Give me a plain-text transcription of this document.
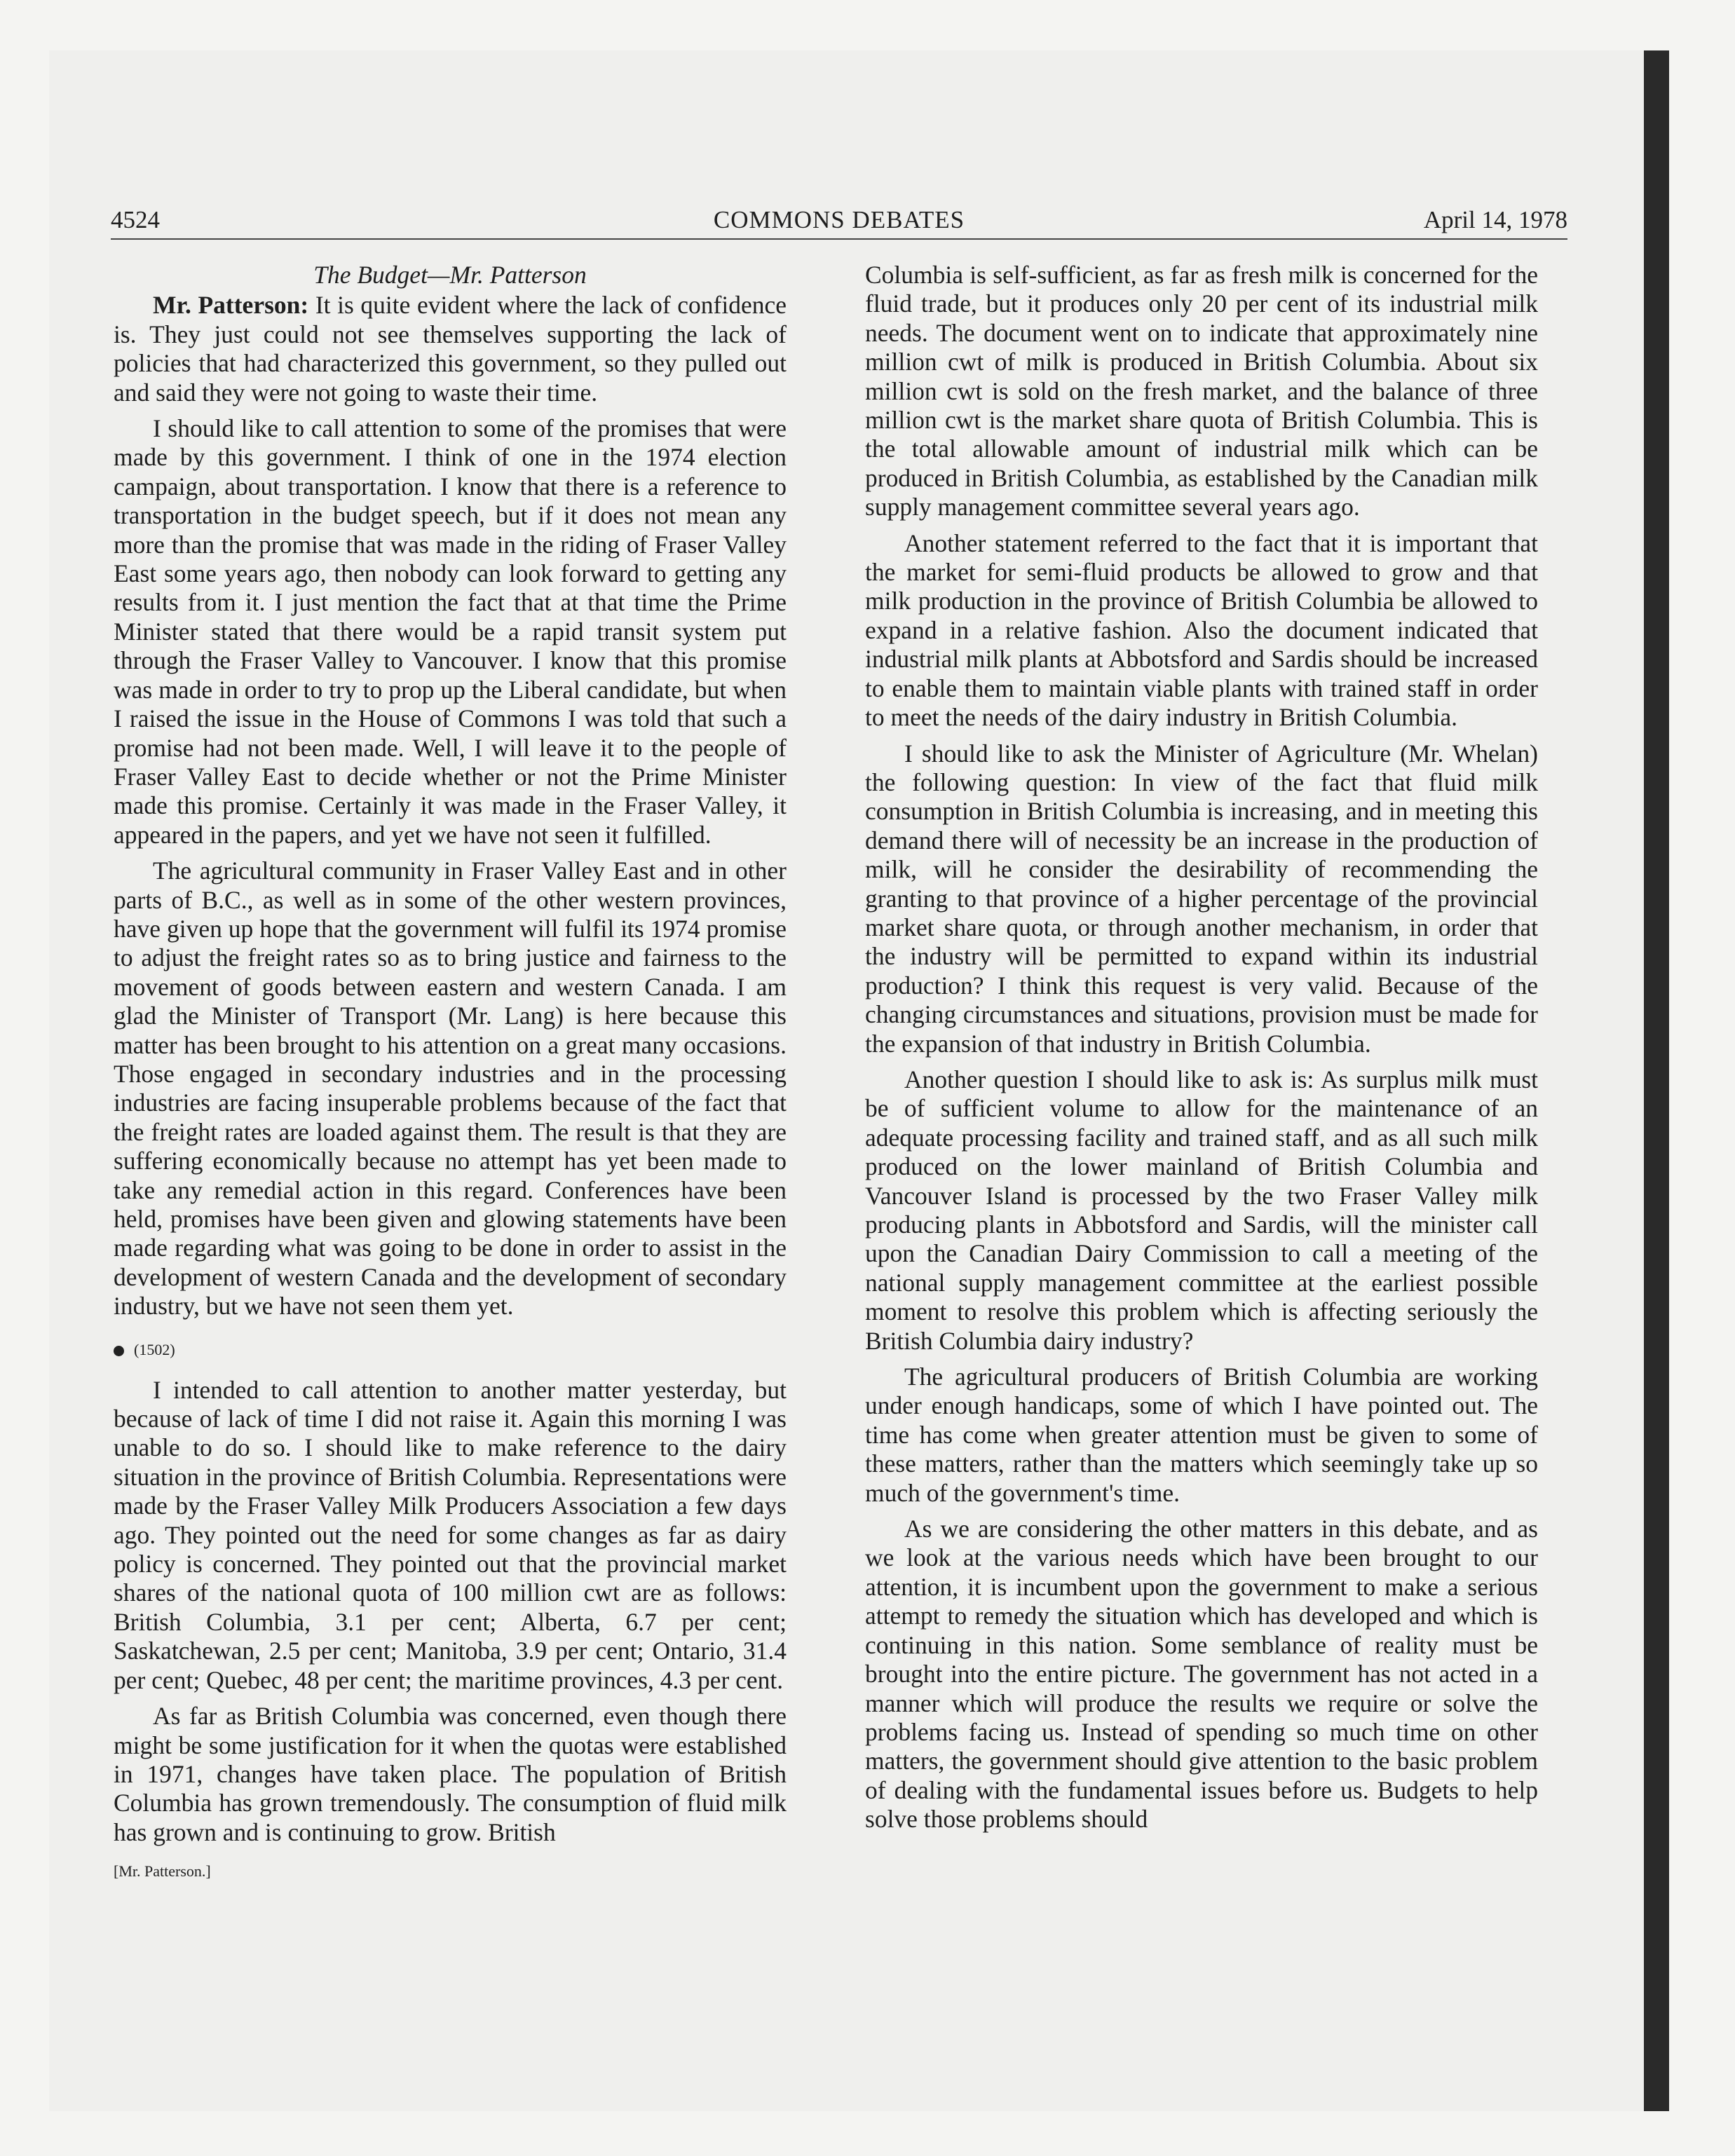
4524	COMMONS DEBATES	April 14, 1978
The Budget—Mr. Patterson

Mr. Patterson: It is quite evident where the lack of confidence is. They just could not see themselves supporting the lack of policies that had characterized this government, so they pulled out and said they were not going to waste their time.

I should like to call attention to some of the promises that were made by this government. I think of one in the 1974 election campaign, about transportation. I know that there is a reference to transportation in the budget speech, but if it does not mean any more than the promise that was made in the riding of Fraser Valley East some years ago, then nobody can look forward to getting any results from it. I just mention the fact that at that time the Prime Minister stated that there would be a rapid transit system put through the Fraser Valley to Vancouver. I know that this promise was made in order to try to prop up the Liberal candidate, but when I raised the issue in the House of Commons I was told that such a promise had not been made. Well, I will leave it to the people of Fraser Valley East to decide whether or not the Prime Minister made this promise. Certainly it was made in the Fraser Valley, it appeared in the papers, and yet we have not seen it fulfilled.

The agricultural community in Fraser Valley East and in other parts of B.C., as well as in some of the other western provinces, have given up hope that the government will fulfil its 1974 promise to adjust the freight rates so as to bring justice and fairness to the movement of goods between eastern and western Canada. I am glad the Minister of Transport (Mr. Lang) is here because this matter has been brought to his attention on a great many occasions. Those engaged in secondary industries and in the processing industries are facing insuperable problems because of the fact that the freight rates are loaded against them. The result is that they are suffering economically because no attempt has yet been made to take any remedial action in this regard. Conferences have been held, promises have been given and glowing statements have been made regarding what was going to be done in order to assist in the development of western Canada and the development of secondary industry, but we have not seen them yet.

(1502)

I intended to call attention to another matter yesterday, but because of lack of time I did not raise it. Again this morning I was unable to do so. I should like to make reference to the dairy situation in the province of British Columbia. Representations were made by the Fraser Valley Milk Producers Association a few days ago. They pointed out the need for some changes as far as dairy policy is concerned. They pointed out that the provincial market shares of the national quota of 100 million cwt are as follows: British Columbia, 3.1 per cent; Alberta, 6.7 per cent; Saskatchewan, 2.5 per cent; Manitoba, 3.9 per cent; Ontario, 31.4 per cent; Quebec, 48 per cent; the maritime provinces, 4.3 per cent.

As far as British Columbia was concerned, even though there might be some justification for it when the quotas were established in 1971, changes have taken place. The population of British Columbia has grown tremendously. The consumption of fluid milk has grown and is continuing to grow. British

[Mr. Patterson.]

Columbia is self-sufficient, as far as fresh milk is concerned for the fluid trade, but it produces only 20 per cent of its industrial milk needs. The document went on to indicate that approximately nine million cwt of milk is produced in British Columbia. About six million cwt is sold on the fresh market, and the balance of three million cwt is the market share quota of British Columbia. This is the total allowable amount of industrial milk which can be produced in British Columbia, as established by the Canadian milk supply management committee several years ago.

Another statement referred to the fact that it is important that the market for semi-fluid products be allowed to grow and that milk production in the province of British Columbia be allowed to expand in a relative fashion. Also the document indicated that industrial milk plants at Abbotsford and Sardis should be increased to enable them to maintain viable plants with trained staff in order to meet the needs of the dairy industry in British Columbia.

I should like to ask the Minister of Agriculture (Mr. Whelan) the following question: In view of the fact that fluid milk consumption in British Columbia is increasing, and in meeting this demand there will of necessity be an increase in the production of milk, will he consider the desirability of recommending the granting to that province of a higher percentage of the provincial market share quota, or through another mechanism, in order that the industry will be permitted to expand within its industrial production? I think this request is very valid. Because of the changing circumstances and situations, provision must be made for the expansion of that industry in British Columbia.

Another question I should like to ask is: As surplus milk must be of sufficient volume to allow for the maintenance of an adequate processing facility and trained staff, and as all such milk produced on the lower mainland of British Columbia and Vancouver Island is processed by the two Fraser Valley milk producing plants in Abbotsford and Sardis, will the minister call upon the Canadian Dairy Commission to call a meeting of the national supply management committee at the earliest possible moment to resolve this problem which is affecting seriously the British Columbia dairy industry?

The agricultural producers of British Columbia are working under enough handicaps, some of which I have pointed out. The time has come when greater attention must be given to some of these matters, rather than the matters which seemingly take up so much of the government's time.

As we are considering the other matters in this debate, and as we look at the various needs which have been brought to our attention, it is incumbent upon the government to make a serious attempt to remedy the situation which has developed and which is continuing in this nation. Some semblance of reality must be brought into the entire picture. The government has not acted in a manner which will produce the results we require or solve the problems facing us. Instead of spending so much time on other matters, the government should give attention to the basic problem of dealing with the fundamental issues before us. Budgets to help solve those problems should
